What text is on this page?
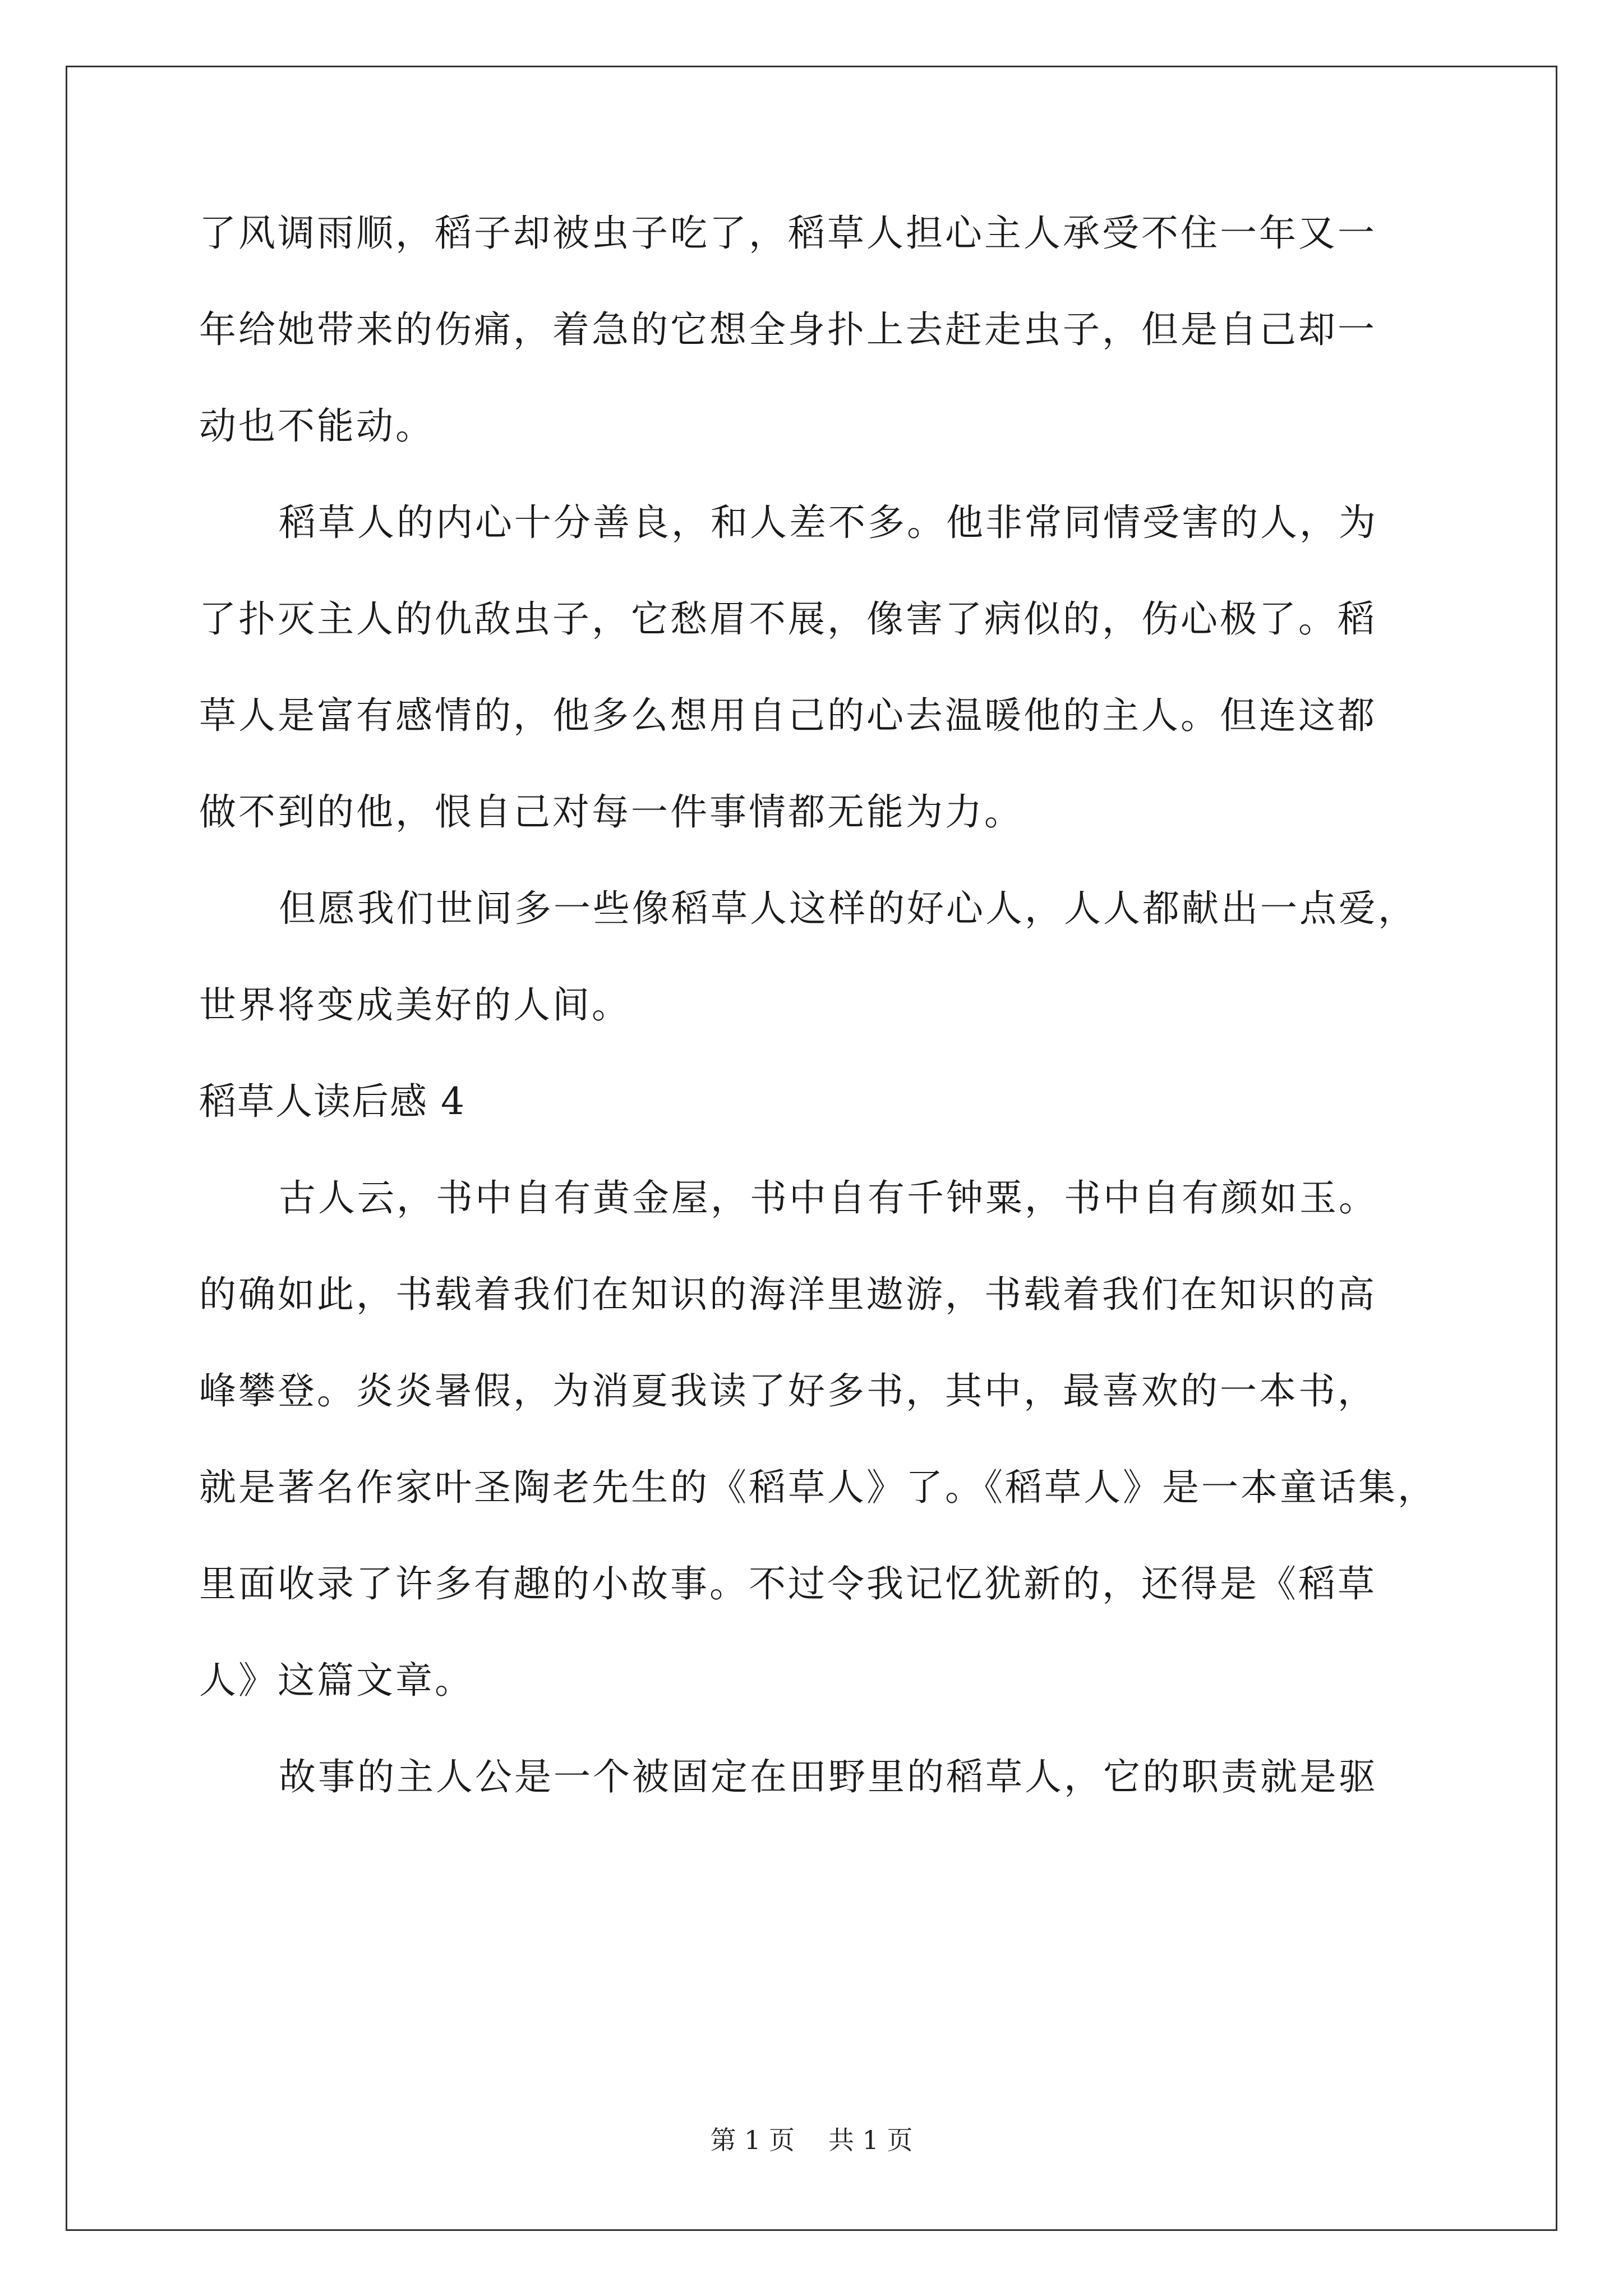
了风调雨顺，稻子却被虫子吃了，稻草人担心主人承受不住一年又一
年给她带来的伤痛，着急的它想全身扑上去赶走虫子，但是自己却一
动也不能动。
稻草人的内心十分善良，和人差不多。他非常同情受害的人，为
了扑灭主人的仇敌虫子，它愁眉不展，像害了病似的，伤心极了。稻
草人是富有感情的，他多么想用自己的心去温暖他的主人。但连这都
做不到的他，恨自己对每一件事情都无能为力。
但愿我们世间多一些像稻草人这样的好心人，人人都献出一点爱，
世界将变成美好的人间。
稻草人读后感 4
古人云，书中自有黄金屋，书中自有千钟粟，书中自有颜如玉。
的确如此，书载着我们在知识的海洋里遨游，书载着我们在知识的高
峰攀登。炎炎暑假，为消夏我读了好多书，其中，最喜欢的一本书，
就是著名作家叶圣陶老先生的《稻草人》了。《稻草人》是一本童话集，
里面收录了许多有趣的小故事。不过令我记忆犹新的，还得是《稻草
人》这篇文章。
故事的主人公是一个被固定在田野里的稻草人，它的职责就是驱
第 1 页 共 1 页
